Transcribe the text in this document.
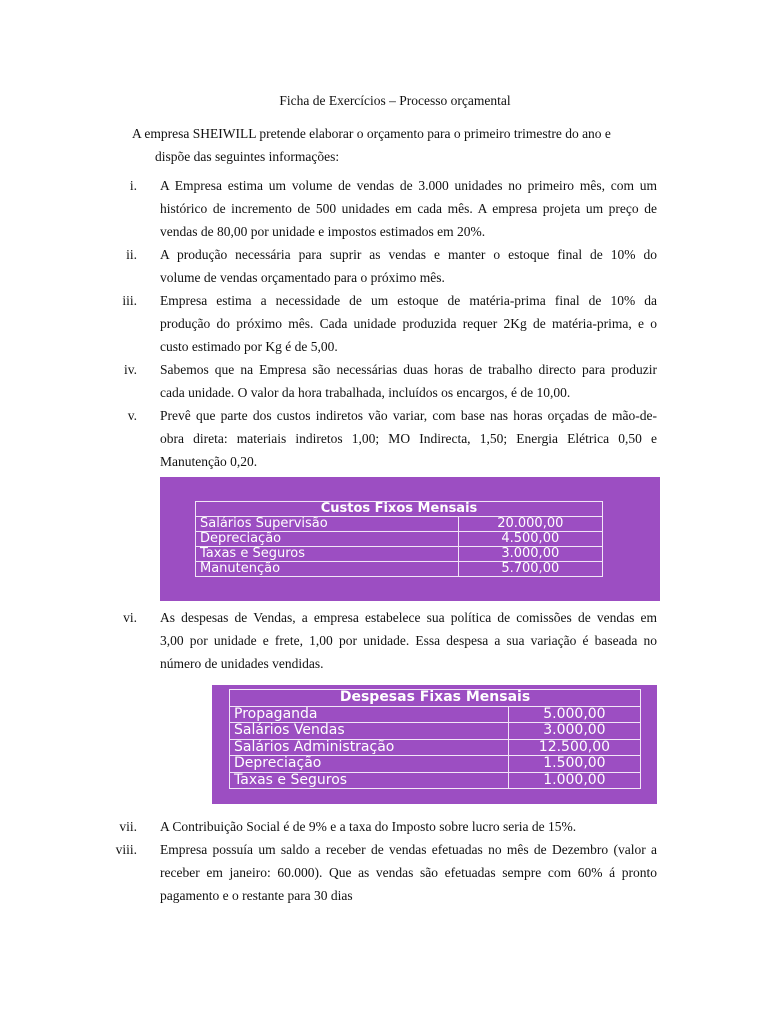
Ficha de Exercícios – Processo orçamental
A empresa SHEIWILL pretende elaborar o orçamento para o primeiro trimestre do ano e
dispõe das seguintes informações:
i. A Empresa estima um volume de vendas de 3.000 unidades no primeiro mês, com um
histórico de incremento de 500 unidades em cada mês. A empresa projeta um preço de
vendas de 80,00 por unidade e impostos estimados em 20%.
ii. A produção necessária para suprir as vendas e manter o estoque final de 10% do
volume de vendas orçamentado para o próximo mês.
iii. Empresa estima a necessidade de um estoque de matéria-prima final de 10% da
produção do próximo mês. Cada unidade produzida requer 2Kg de matéria-prima, e o
custo estimado por Kg é de 5,00.
iv. Sabemos que na Empresa são necessárias duas horas de trabalho directo para produzir
cada unidade. O valor da hora trabalhada, incluídos os encargos, é de 10,00.
v. Prevê que parte dos custos indiretos vão variar, com base nas horas orçadas de mão-de-
obra direta: materiais indiretos 1,00; MO Indirecta, 1,50; Energia Elétrica 0,50 e
Manutenção 0,20.
Custos Fixos Mensais	
Salários Supervisão	20.000,00
Depreciação	4.500,00
Taxas e Seguros	3.000,00
Manutenção	5.700,00
vi. As despesas de Vendas, a empresa estabelece sua política de comissões de vendas em
3,00 por unidade e frete, 1,00 por unidade. Essa despesa a sua variação é baseada no
número de unidades vendidas.
Despesas Fixas Mensais	
Propaganda	5.000,00
Salários Vendas	3.000,00
Salários Administração	12.500,00
Depreciação	1.500,00
Taxas e Seguros	1.000,00
vii. A Contribuição Social é de 9% e a taxa do Imposto sobre lucro seria de 15%.
viii. Empresa possuía um saldo a receber de vendas efetuadas no mês de Dezembro (valor a
receber em janeiro: 60.000). Que as vendas são efetuadas sempre com 60% á pronto
pagamento e o restante para 30 dias
